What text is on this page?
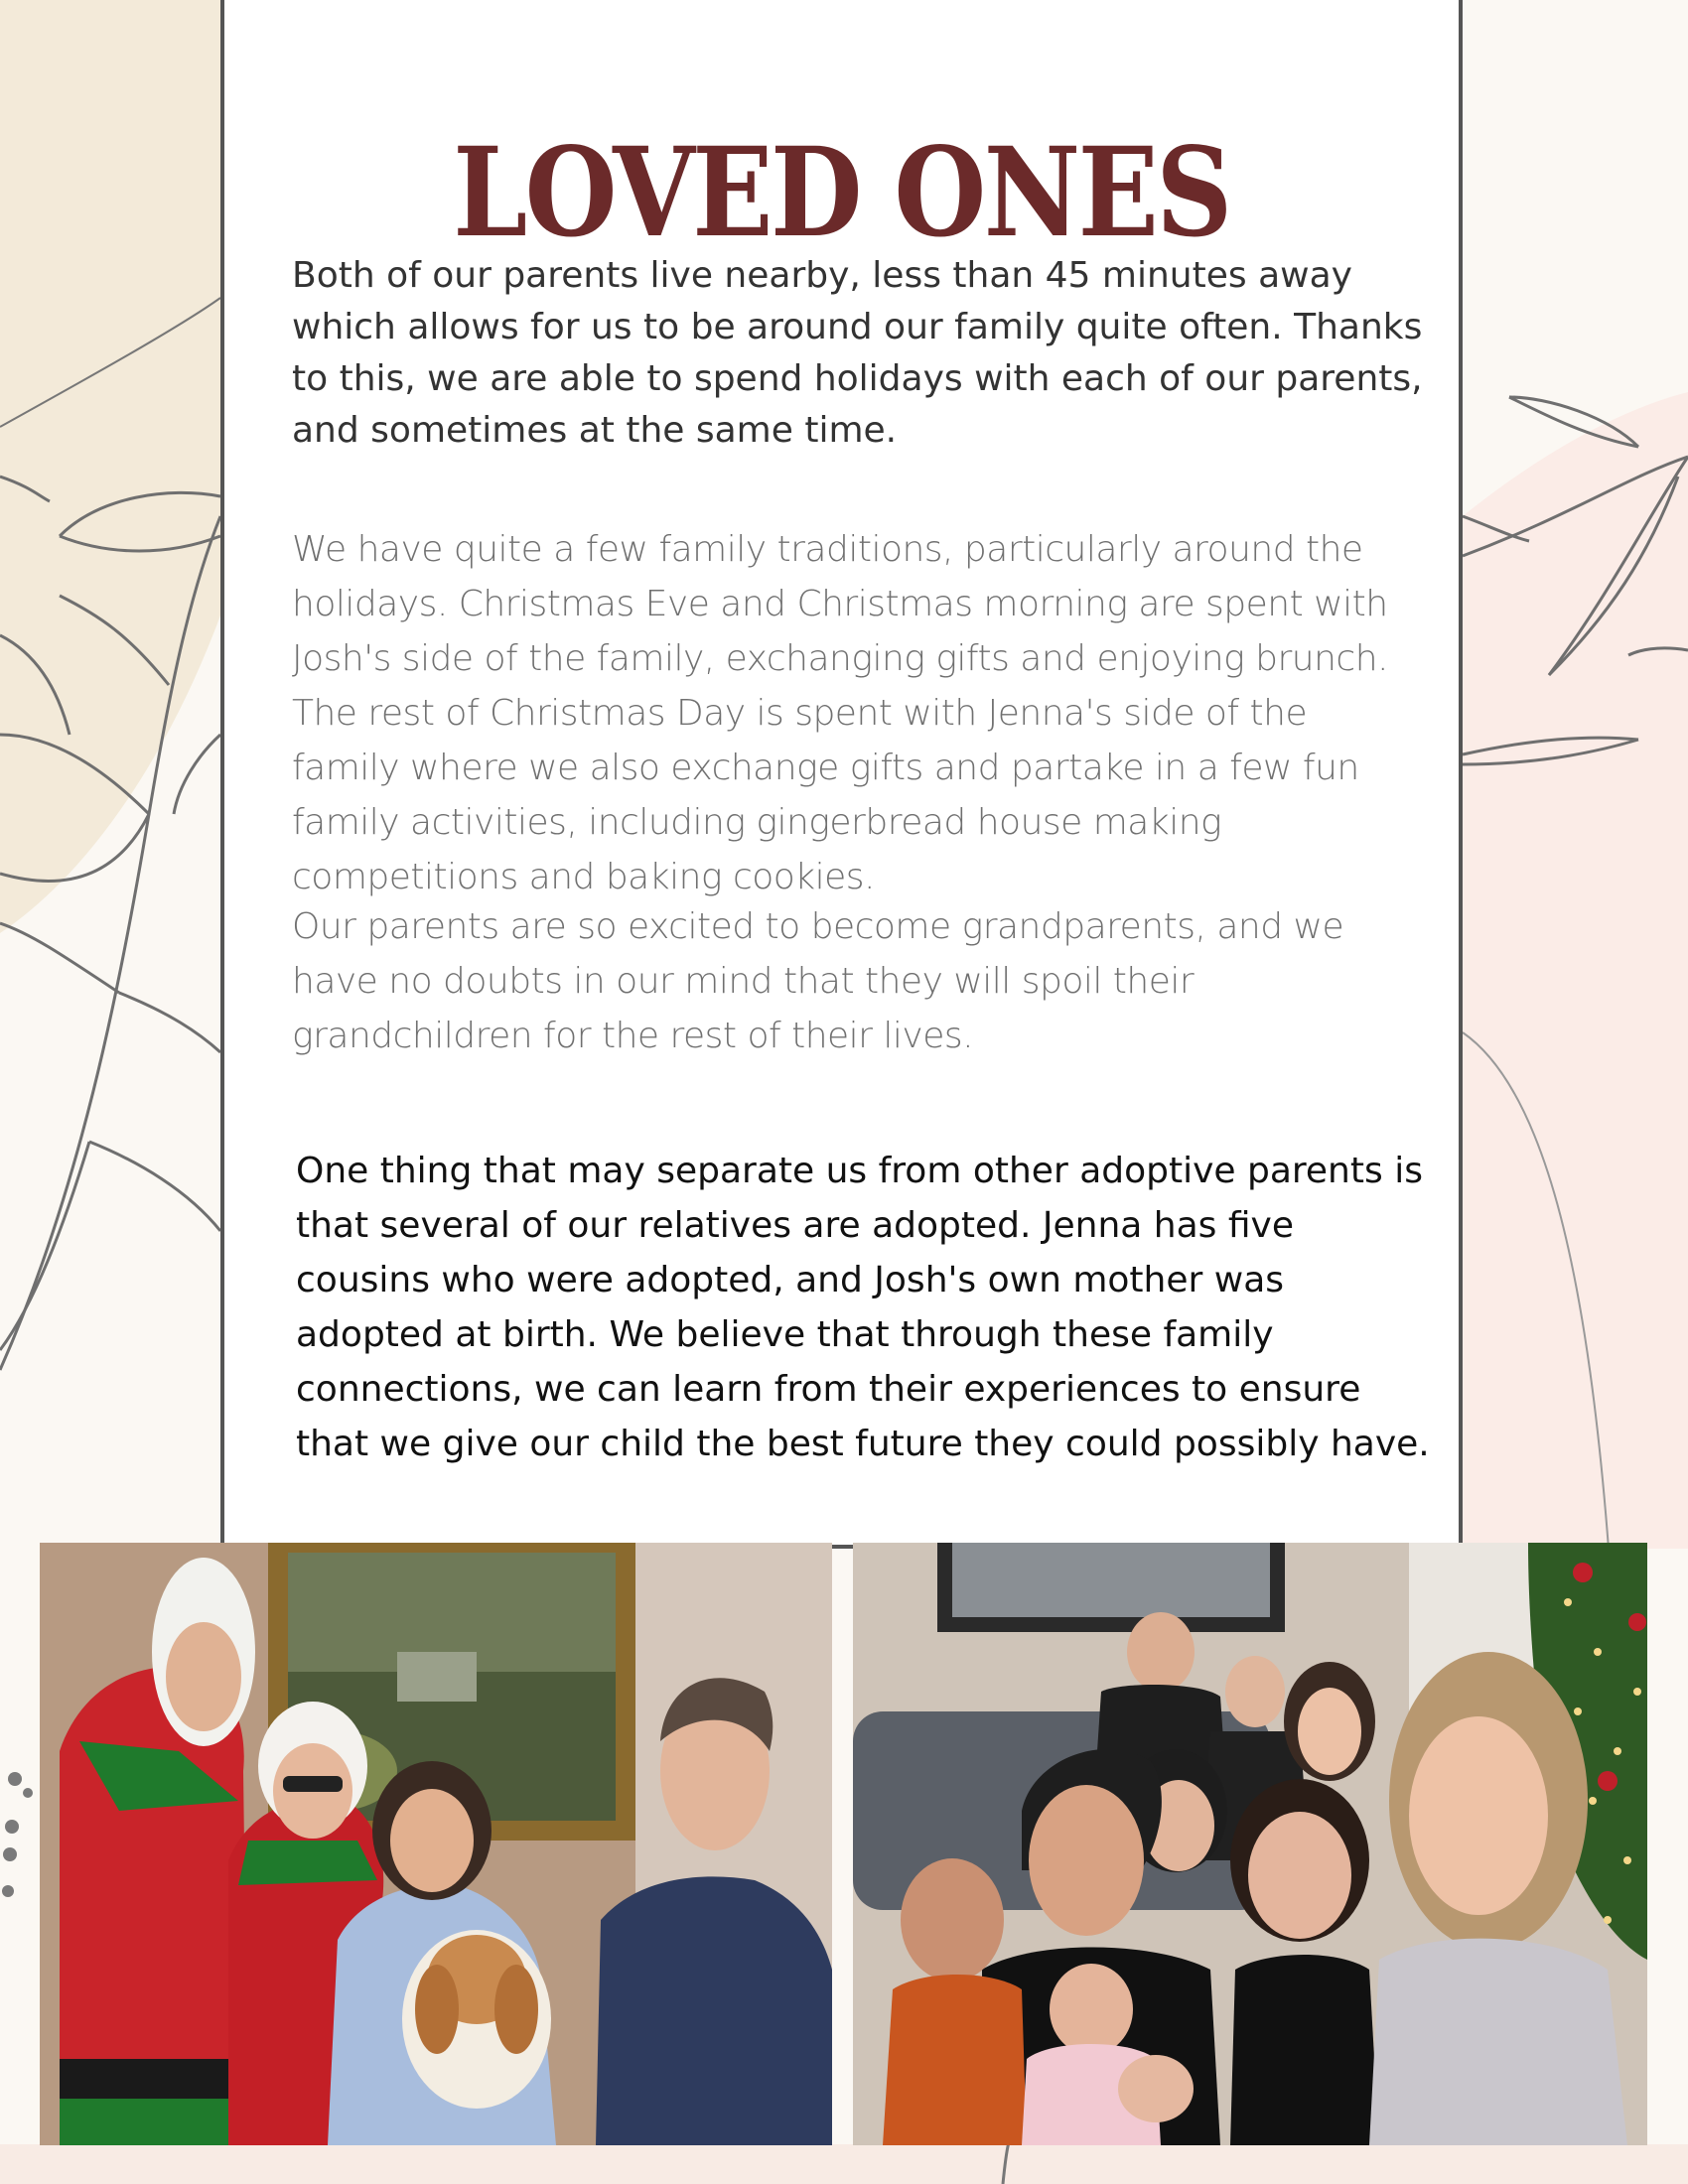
LOVED ONES

Both of our parents live nearby, less than 45 minutes away which allows for us to be around our family quite often. Thanks to this, we are able to spend holidays with each of our parents, and sometimes at the same time.

We have quite a few family traditions, particularly around the holidays. Christmas Eve and Christmas morning are spent with Josh's side of the family, exchanging gifts and enjoying brunch. The rest of Christmas Day is spent with Jenna's side of the family where we also exchange gifts and partake in a few fun family activities, including gingerbread house making competitions and baking cookies.

Our parents are so excited to become grandparents, and we have no doubts in our mind that they will spoil their grandchildren for the rest of their lives.

One thing that may separate us from other adoptive parents is that several of our relatives are adopted. Jenna has five cousins who were adopted, and Josh's own mother was adopted at birth. We believe that through these family connections, we can learn from their experiences to ensure that we give our child the best future they could possibly have.
